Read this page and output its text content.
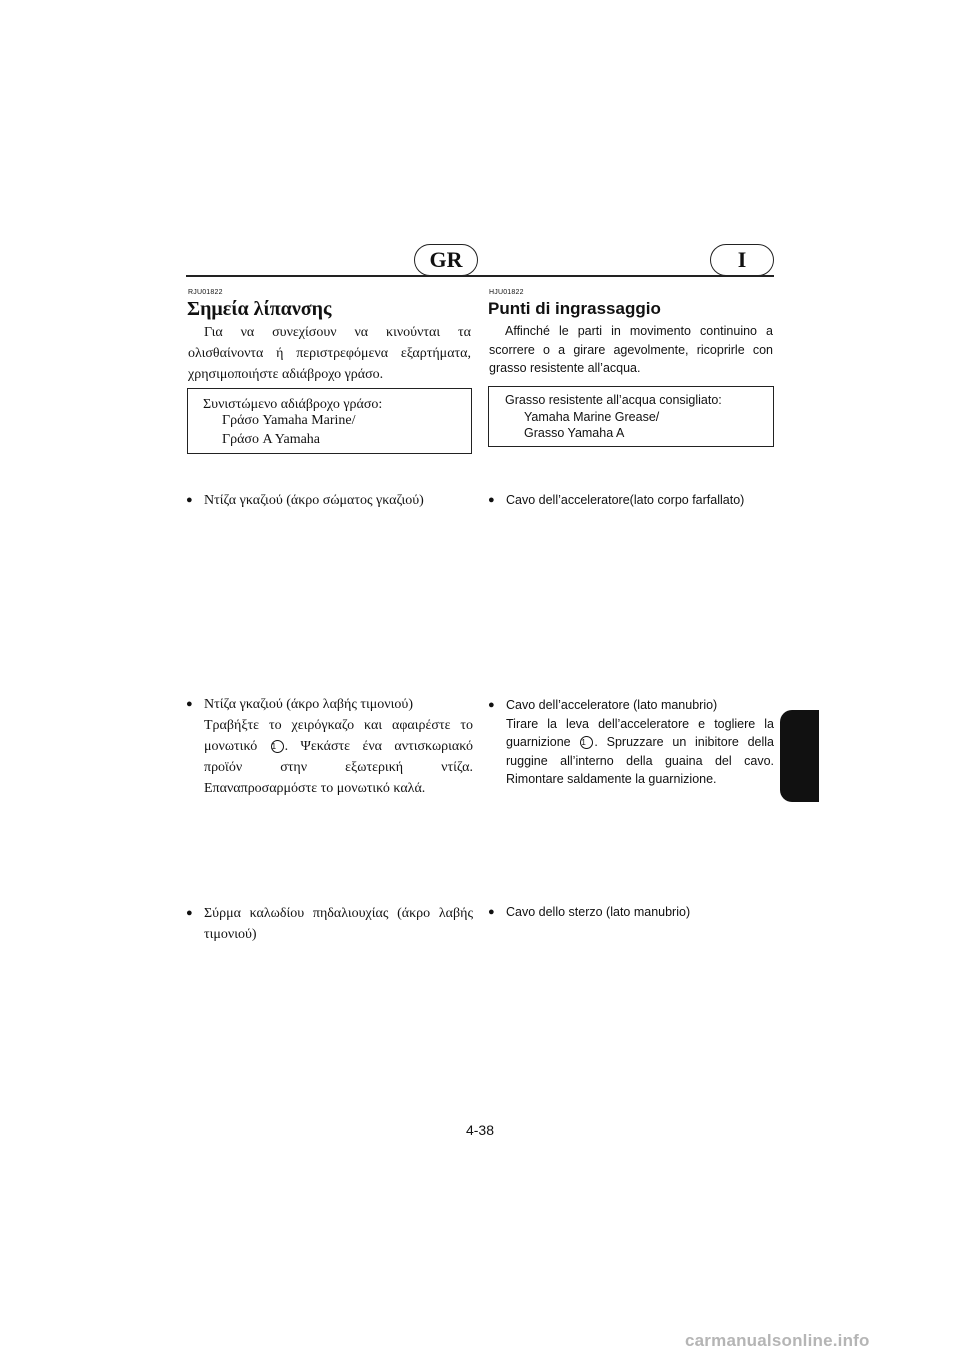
GR	I
RJU01822
Σημεία λίπανσης
Για να συνεχίσουν να κινούνται τα ολισθαίνοντα ή περιστρεφόμενα εξαρτήματα, χρησιμοποιήστε αδιάβροχο γράσο.
Συνιστώμενο αδιάβροχο γράσο:
Γράσο Yamaha Marine/
Γράσο A Yamaha
● Ντίζα γκαζιού (άκρο σώματος γκαζιού)
● Ντίζα γκαζιού (άκρο λαβής τιμονιού)
Τραβήξτε το χειρόγκαζο και αφαιρέστε το μονωτικό 1 . Ψεκάστε ένα αντισκωριακό προϊόν στην εξωτερική ντίζα. Επαναπροσαρμόστε το μονωτικό καλά.
● Σύρμα καλωδίου πηδαλιουχίας (άκρο λαβής τιμονιού)
HJU01822
Punti di ingrassaggio
Affinché le parti in movimento continuino a scorrere o a girare agevolmente, ricoprirle con grasso resistente all’acqua.
Grasso resistente all’acqua consigliato:
Yamaha Marine Grease/
Grasso Yamaha A
● Cavo dell’acceleratore(lato corpo farfallato)
● Cavo dell’acceleratore (lato manubrio)
Tirare la leva dell’acceleratore e togliere la guarnizione 1 . Spruzzare un inibitore della ruggine all’interno della guaina del cavo. Rimontare saldamente la guarnizione.
● Cavo dello sterzo (lato manubrio)
4-38
carmanualsonline.info
